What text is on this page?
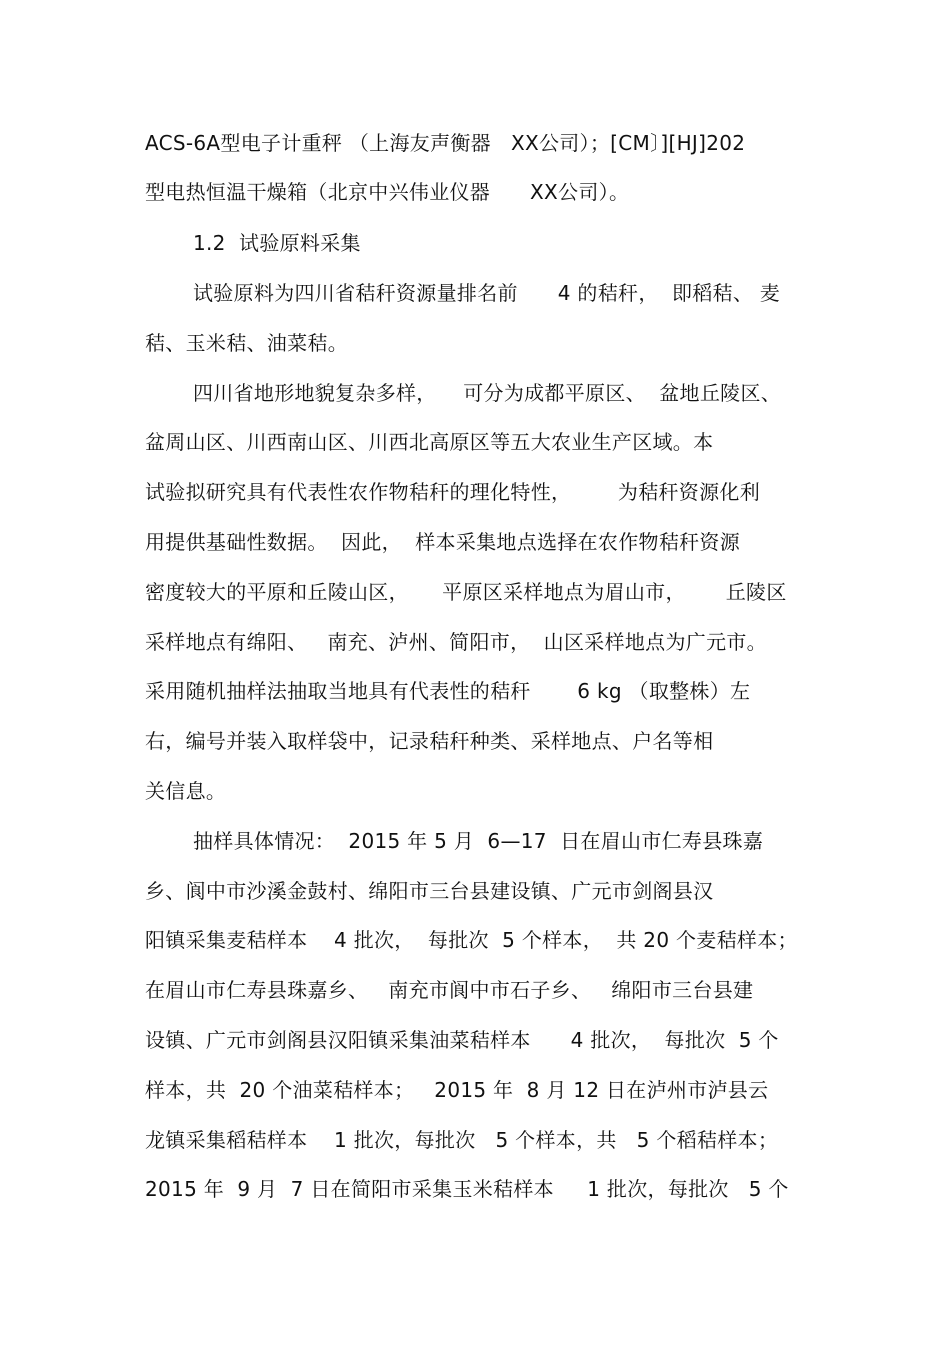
ACS-6A型电子计重秤 （上海友声衡器   XX公司）；[CM〕][HJ]202
型电热恒温干燥箱（北京中兴伟业仪器      XX公司）。
1.2  试验原料采集
试验原料为四川省秸秆资源量排名前      4 的秸秆，  即稻秸、 麦
秸、玉米秸、油菜秸。
四川省地形地貌复杂多样，    可分为成都平原区、  盆地丘陵区、
盆周山区、川西南山区、川西北高原区等五大农业生产区域。本
试验拟研究具有代表性农作物秸秆的理化特性，       为秸秆资源化利
用提供基础性数据。  因此，  样本采集地点选择在农作物秸秆资源
密度较大的平原和丘陵山区，     平原区采样地点为眉山市，      丘陵区
采样地点有绵阳、   南充、泸州、简阳市，  山区采样地点为广元市。
采用随机抽样法抽取当地具有代表性的秸秆       6 kg （取整株）左
右，编号并装入取样袋中，记录秸秆种类、采样地点、户名等相
关信息。
抽样具体情况：  2015 年 5 月  6—17  日在眉山市仁寿县珠嘉
乡、阆中市沙溪金鼓村、绵阳市三台县建设镇、广元市剑阁县汉
阳镇采集麦秸样本    4 批次，  每批次  5 个样本，  共 20 个麦秸样本；
在眉山市仁寿县珠嘉乡、   南充市阆中市石子乡、   绵阳市三台县建
设镇、广元市剑阁县汉阳镇采集油菜秸样本      4 批次，  每批次  5 个
样本，共  20 个油菜秸样本；   2015 年  8 月 12 日在泸州市泸县云
龙镇采集稻秸样本    1 批次，每批次   5 个样本，共   5 个稻秸样本；
2015 年  9 月  7 日在简阳市采集玉米秸样本     1 批次，每批次   5 个
